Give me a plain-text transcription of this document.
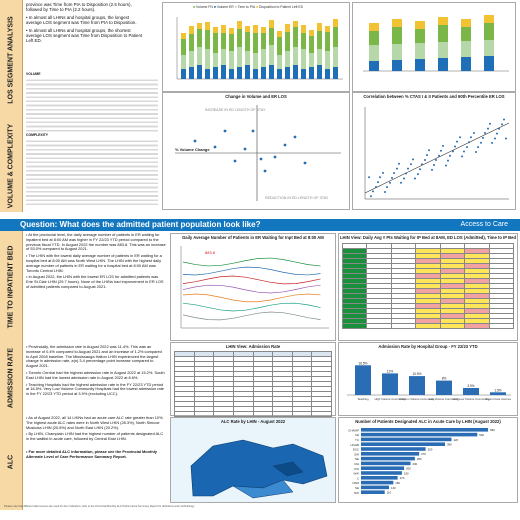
LOS SEGMENT ANALYSIS
VOLUME & COMPLEXITY

province was Time from PIA to Disposition (2.5 hours), followed by Time to PIA (2.2 hours).

• In almost all LHINs and hospital groups, the longest average LOS segment was Time from PIA to Disposition.

• In almost all LHINs and hospital groups, the shortest average LOS segment was Time from Disposition to Patient Left ED.

VOLUME
COMPLEXITY
■ Volume FN ■ Volume ER ■ Time to PIA ■ Disposition to Patient Left ED
Change in Volume and ER LOS
INCREASE IN ED LENGTH OF STAY
REDUCTION IN ED LENGTH OF STAY
% Volume Change
Correlation between % CTAS I & II Patients and 90th Percentile ER LOS
Question: What does the admitted patient population look like?	Access to Care
TIME TO INPATIENT BED
ADMISSION RATE
ALC

• At the provincial level, the daily average number of patients in ER waiting for inpatient bed at 8:00 AM was higher in FY 22/23 YTD period compared to the previous fiscal YTD. In August 2022 the number was 883.8. This was an increase of 53.0% compared to August 2021.

• The LHIN with the lowest daily average number of patients in ER waiting for a hospital bed at 8:00 AM was North West LHIN. The LHIN with the highest daily average number of patients in ER waiting for a hospital bed at 8:00 AM was Toronto Central LHIN.

• In August 2022, the LHIN with the lowest ER LOS for admitted patients was Erie St.Clair LHIN (29.7 hours). None of the LHINs had improvement in ER LOS of admitted patients compared to August 2021.

• Provincially, the admission rate in August 2022 was 11.4%. This was an increase of 0.4% compared to August 2021 and an increase of 1.2% compared to April 2008 baseline. The Mississauga Halton LHIN experienced the largest change in admission rate, a(n) 3.4 percentage point increase compared to August 2021.

• Toronto Central had the highest admission rate in August 2022 at 15.2%. South East LHIN had the lowest admission rate in August 2022 at 8.6%.

• Teaching Hospitals had the highest admission rate in the FY 22/23 YTD period at 16.5%. Very Low Volume Community Hospitals had the lowest admission rate in the FY 22/23 YTD period at 3.9% (excluding UCC).

• As of August 2022, all 14 LHINs had an acute care ALC rate greater than 10%. The highest acute ALC rates were in North West LHIN (28.3%), North Simcoe Muskoka LHIN (20.8%) and North East LHIN (20.2%).

• By LHIN, Champlain LHIN had the highest number of patients designated ALC in the waitlist in acute care, followed by Central East LHIN.

• For more detailed ALC information, please see the Provincial Monthly Alternate Level of Care Performance Summary Report.

Daily Average Number of Patients in ER Waiting for Inpt Bed at 8:00 AM
883.8
LHIN View: Daily Avg # Pts Waiting for IP Bed at 8AM, ED LOS (Admitted), Time to IP Bed

LHIN View: Admission Rate

								Admission Rate by Hospital Group - FY 22/23 YTD
16.5%
Teaching
12%
High Volume Community
10.5%
Medium Volume Community
8%
Low Volume Community
3.9%
Very Low Volume Community
1.5%
Urgent Care Centres
ALC Rate by LHIN - August 2022	Number of Patients Designated ALC in Acute Care by LHIN (August 2022)
CHAMP	590
CE	540
TC	420
HNHB	390
ESC	300
SW	270
NE	250
MH	230
CW	200
WW	190
C	170
NSM	150
SE	130
NW	110
Please note that different data sources are used for ALC indicators; refer to the Provincial Monthly ALC Performance Summary Report for definitions and methodology.
